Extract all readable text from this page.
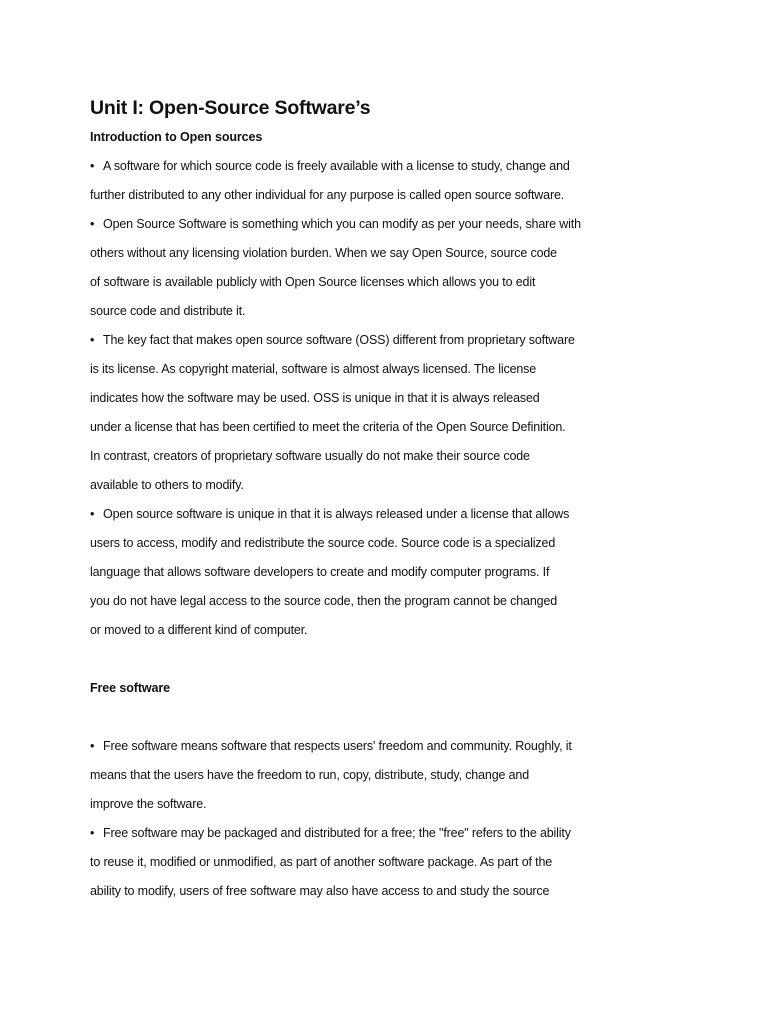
Unit I: Open-Source Software’s
Introduction to Open sources

• A software for which source code is freely available with a license to study, change and

further distributed to any other individual for any purpose is called open source software.

• Open Source Software is something which you can modify as per your needs, share with

others without any licensing violation burden. When we say Open Source, source code

of software is available publicly with Open Source licenses which allows you to edit

source code and distribute it.

• The key fact that makes open source software (OSS) different from proprietary software

is its license. As copyright material, software is almost always licensed. The license

indicates how the software may be used. OSS is unique in that it is always released

under a license that has been certified to meet the criteria of the Open Source Definition.

In contrast, creators of proprietary software usually do not make their source code

available to others to modify.

• Open source software is unique in that it is always released under a license that allows

users to access, modify and redistribute the source code. Source code is a specialized

language that allows software developers to create and modify computer programs. If

you do not have legal access to the source code, then the program cannot be changed

or moved to a different kind of computer.

Free software

• Free software means software that respects users' freedom and community. Roughly, it

means that the users have the freedom to run, copy, distribute, study, change and

improve the software.

• Free software may be packaged and distributed for a free; the "free" refers to the ability

to reuse it, modified or unmodified, as part of another software package. As part of the

ability to modify, users of free software may also have access to and study the source
